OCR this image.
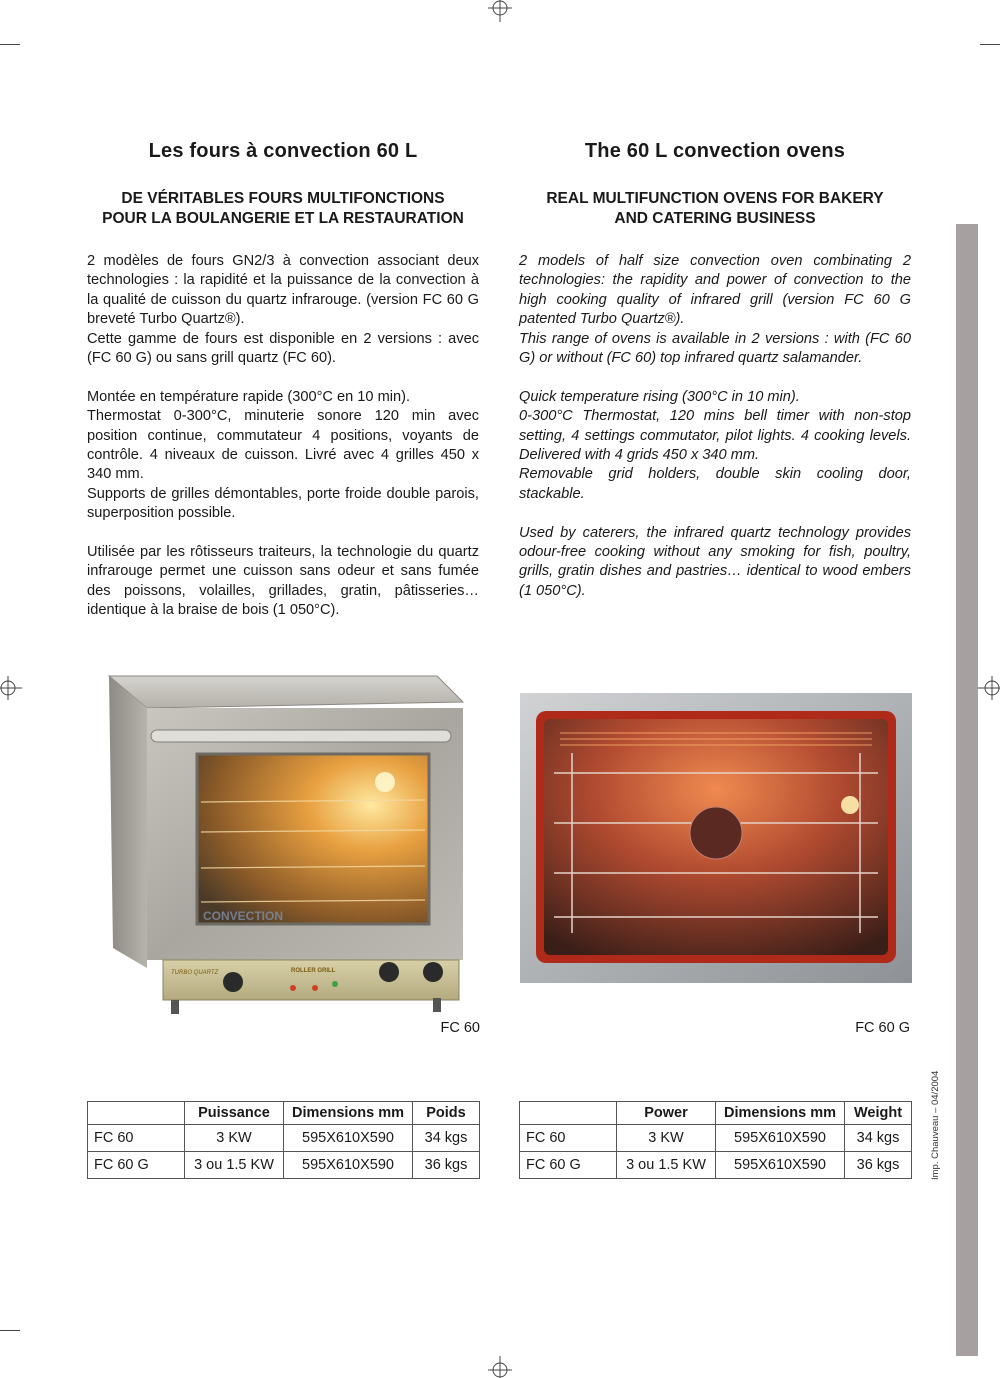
Les fours à convection 60 L
DE VÉRITABLES FOURS MULTIFONCTIONS
POUR LA BOULANGERIE ET LA RESTAURATION

2 modèles de fours GN2/3 à convection associant deux technologies : la rapidité et la puissance de la convection à la qualité de cuisson du quartz infrarouge. (version FC 60 G breveté Turbo Quartz®).
Cette gamme de fours est disponible en 2 versions : avec (FC 60 G) ou sans grill quartz (FC 60).

Montée en température rapide (300°C en 10 min).
Thermostat 0-300°C, minuterie sonore 120 min avec position continue, commutateur 4 positions, voyants de contrôle. 4 niveaux de cuisson. Livré avec 4 grilles 450 x 340 mm.
Supports de grilles démontables, porte froide double parois, superposition possible.

Utilisée par les rôtisseurs traiteurs, la technologie du quartz infrarouge permet une cuisson sans odeur et sans fumée des poissons, volailles, grillades, gratin, pâtisseries… identique à la braise de bois (1 050°C).

The 60 L convection ovens
REAL MULTIFUNCTION OVENS FOR BAKERY
AND CATERING BUSINESS

2 models of half size convection oven combinating 2 technologies: the rapidity and power of convection to the high cooking quality of infrared grill (version FC 60 G patented Turbo Quartz®).
This range of ovens is available in 2 versions : with (FC 60 G) or without (FC 60) top infrared quartz salamander.

Quick temperature rising (300°C in 10 min).
0-300°C Thermostat, 120 mins bell timer with non-stop setting, 4 settings commutator, pilot lights. 4 cooking levels. Delivered with 4 grids 450 x 340 mm.
Removable grid holders, double skin cooling door, stackable.

Used by caterers, the infrared quartz technology provides odour-free cooking without any smoking for fish, poultry, grills, gratin dishes and pastries… identical to wood embers (1 050°C).

CONVECTION
TURBO QUARTZ	ROLLER GRILL
FC 60	FC 60 G
	Puissance	Dimensions mm	Poids
FC 60	3 KW	595X610X590	34 kgs
FC 60 G	3 ou 1.5 KW	595X610X590	36 kgs
	Power	Dimensions mm	Weight
FC 60	3 KW	595X610X590	34 kgs
FC 60 G	3 ou 1.5 KW	595X610X590	36 kgs	Imp. Chauveau – 04/2004
